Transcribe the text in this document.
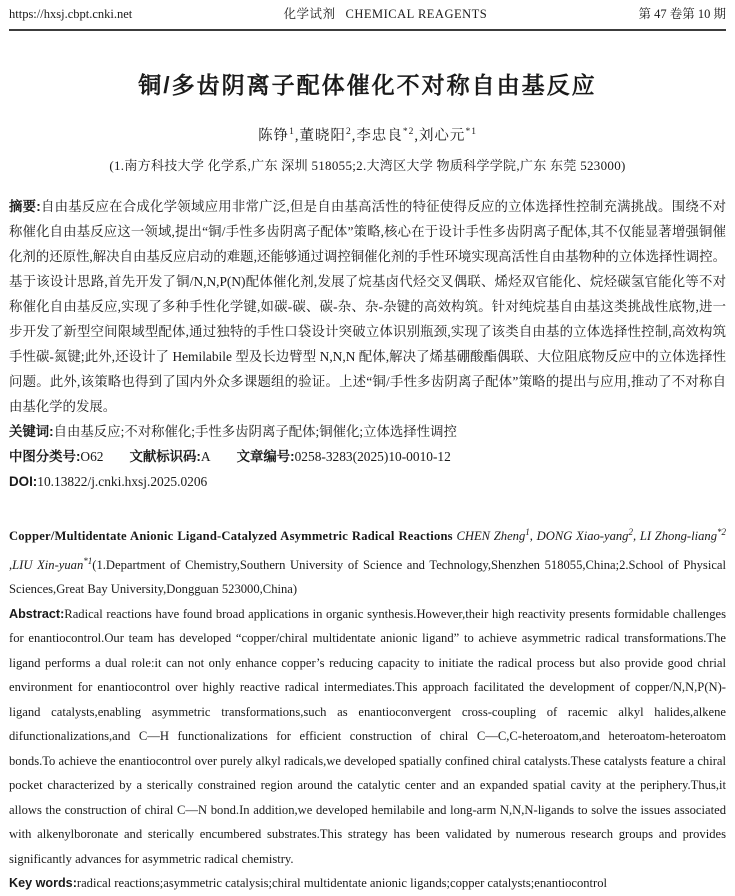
https://hxsj.cbpt.cnki.net	化学试剂 CHEMICAL REAGENTS	第 47 卷第 10 期
铜/多齿阴离子配体催化不对称自由基反应

陈铮$^1$,董晓阳$^2$,李忠良$^{*2}$,刘心元$^{*1}$

(1.南方科技大学 化学系,广东 深圳 518055;2.大湾区大学 物质科学学院,广东 东莞 523000)

摘要:自由基反应在合成化学领域应用非常广泛,但是自由基高活性的特征使得反应的立体选择性控制充满挑战。围绕不对称催化自由基反应这一领域,提出“铜/手性多齿阴离子配体”策略,核心在于设计手性多齿阴离子配体,其不仅能显著增强铜催化剂的还原性,解决自由基反应启动的难题,还能够通过调控铜催化剂的手性环境实现高活性自由基物种的立体选择性调控。基于该设计思路,首先开发了铜/N,N,P(N)配体催化剂,发展了烷基卤代烃交叉偶联、烯烃双官能化、烷烃碳氢官能化等不对称催化自由基反应,实现了多种手性化学键,如碳-碳、碳-杂、杂-杂键的高效构筑。针对纯烷基自由基这类挑战性底物,进一步开发了新型空间限域型配体,通过独特的手性口袋设计突破立体识别瓶颈,实现了该类自由基的立体选择性控制,高效构筑手性碳-氮键;此外,还设计了 Hemilabile 型及长边臂型 N,N,N 配体,解决了烯基硼酸酯偶联、大位阻底物反应中的立体选择性问题。此外,该策略也得到了国内外众多课题组的验证。上述“铜/手性多齿阴离子配体”策略的提出与应用,推动了不对称自由基化学的发展。

关键词:自由基反应;不对称催化;手性多齿阴离子配体;铜催化;立体选择性调控

中图分类号:O62 文献标识码:A 文章编号:0258-3283(2025)10-0010-12

DOI:10.13822/j.cnki.hxsj.2025.0206

Copper/Multidentate Anionic Ligand-Catalyzed Asymmetric Radical Reactions CHEN Zheng$^1$, DONG Xiao-yang$^2$, LI Zhong-liang$^{*2}$ ,LIU Xin-yuan$^{*1}$(1.Department of Chemistry,Southern University of Science and Technology,Shenzhen 518055,China;2.School of Physical Sciences,Great Bay University,Dongguan 523000,China)

Abstract:Radical reactions have found broad applications in organic synthesis.However,their high reactivity presents formidable challenges for enantiocontrol.Our team has developed “copper/chiral multidentate anionic ligand” to achieve asymmetric radical transformations.The ligand performs a dual role:it can not only enhance copper’s reducing capacity to initiate the radical process but also provide good chrial environment for enantiocontrol over highly reactive radical intermediates.This approach facilitated the development of copper/N,N,P(N)-ligand catalysts,enabling asymmetric transformations,such as enantioconvergent cross-coupling of racemic alkyl halides,alkene difunctionalizations,and C—H functionalizations for efficient construction of chiral C—C,C-heteroatom,and heteroatom-heteroatom bonds.To achieve the enantiocontrol over purely alkyl radicals,we developed spatially confined chiral catalysts.These catalysts feature a chiral pocket characterized by a sterically constrained region around the catalytic center and an expanded spatial cavity at the periphery.Thus,it allows the construction of chiral C—N bond.In addition,we developed hemilabile and long-arm N,N,N-ligands to solve the issues associated with alkenylboronate and sterically encumbered substrates.This strategy has been validated by numerous research groups and provides significantly advances for asymmetric radical chemistry.

Key words:radical reactions;asymmetric catalysis;chiral multidentate anionic ligands;copper catalysts;enantiocontrol
